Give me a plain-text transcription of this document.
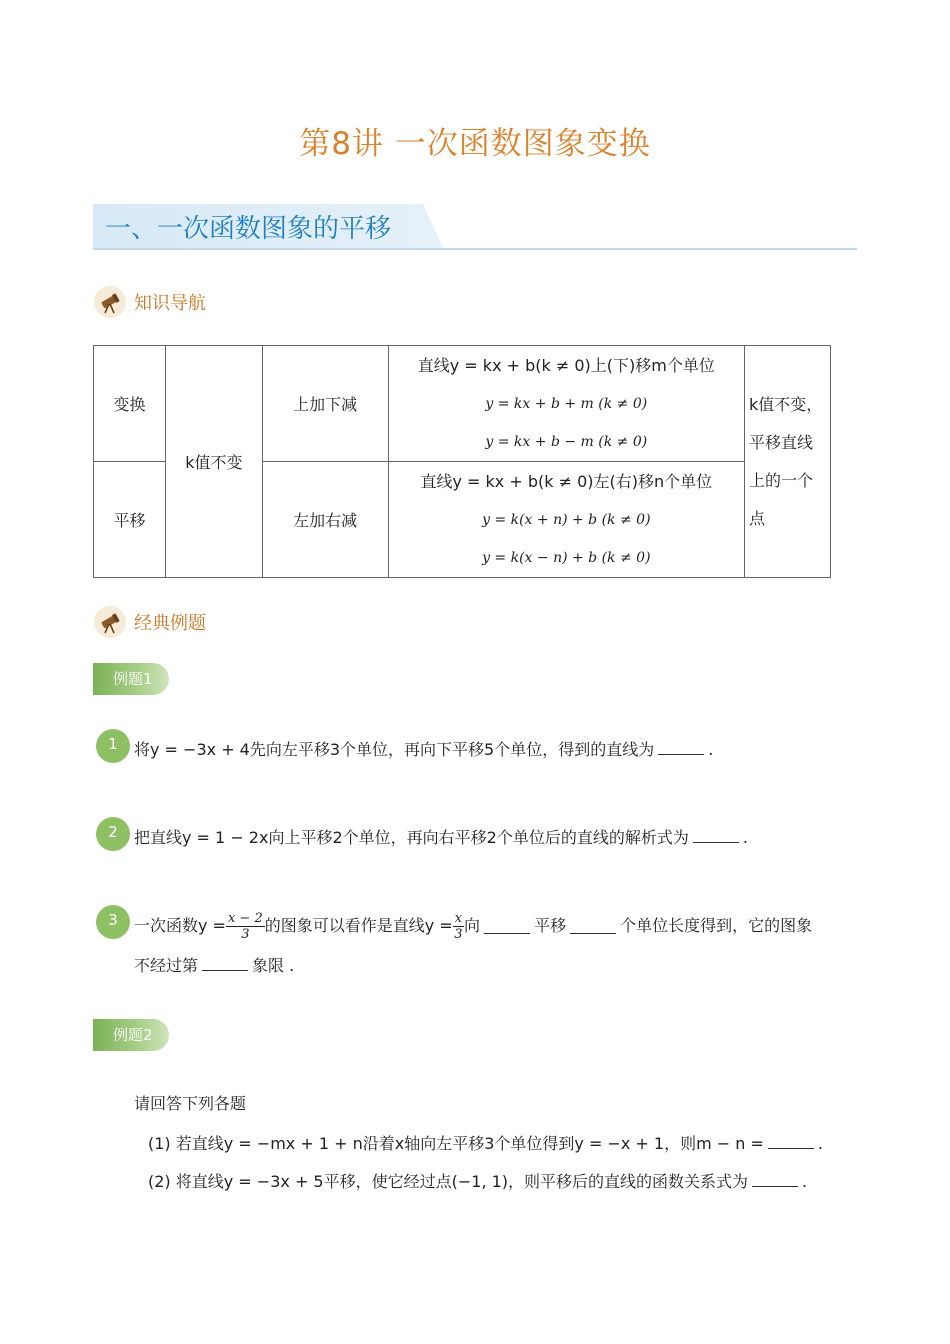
第8讲 一次函数图象变换
一、一次函数图象的平移
知识导航
变换	k值不变	上加下减	直线y = kx + b(k ≠ 0)上(下)移m个单位
y = kx + b + m (k ≠ 0)
y = kx + b − m (k ≠ 0)	k值不变，平移直线上的一个点
平移		左加右减	直线y = kx + b(k ≠ 0)左(右)移n个单位
y = k(x + n) + b (k ≠ 0)
y = k(x − n) + b (k ≠ 0)	
经典例题
例题1
1	将y = −3x + 4先向左平移3个单位，再向下平移5个单位，得到的直线为	.
2	把直线y = 1 − 2x向上平移2个单位，再向右平移2个单位后的直线的解析式为	.
3	一次函数$y = \frac{x - 2}{3}$ 的图象可以看作是直线$y = \frac{x}{3}$ 向	平移	个单位长度得到，它的图象
不经过第	象限 .
例题2
请回答下列各题
(1) 若直线y = −mx + 1 + n沿着x轴向左平移3个单位得到y = −x + 1，则m − n =	.
(2) 将直线y = −3x + 5平移，使它经过点(−1, 1)，则平移后的直线的函数关系式为	.
